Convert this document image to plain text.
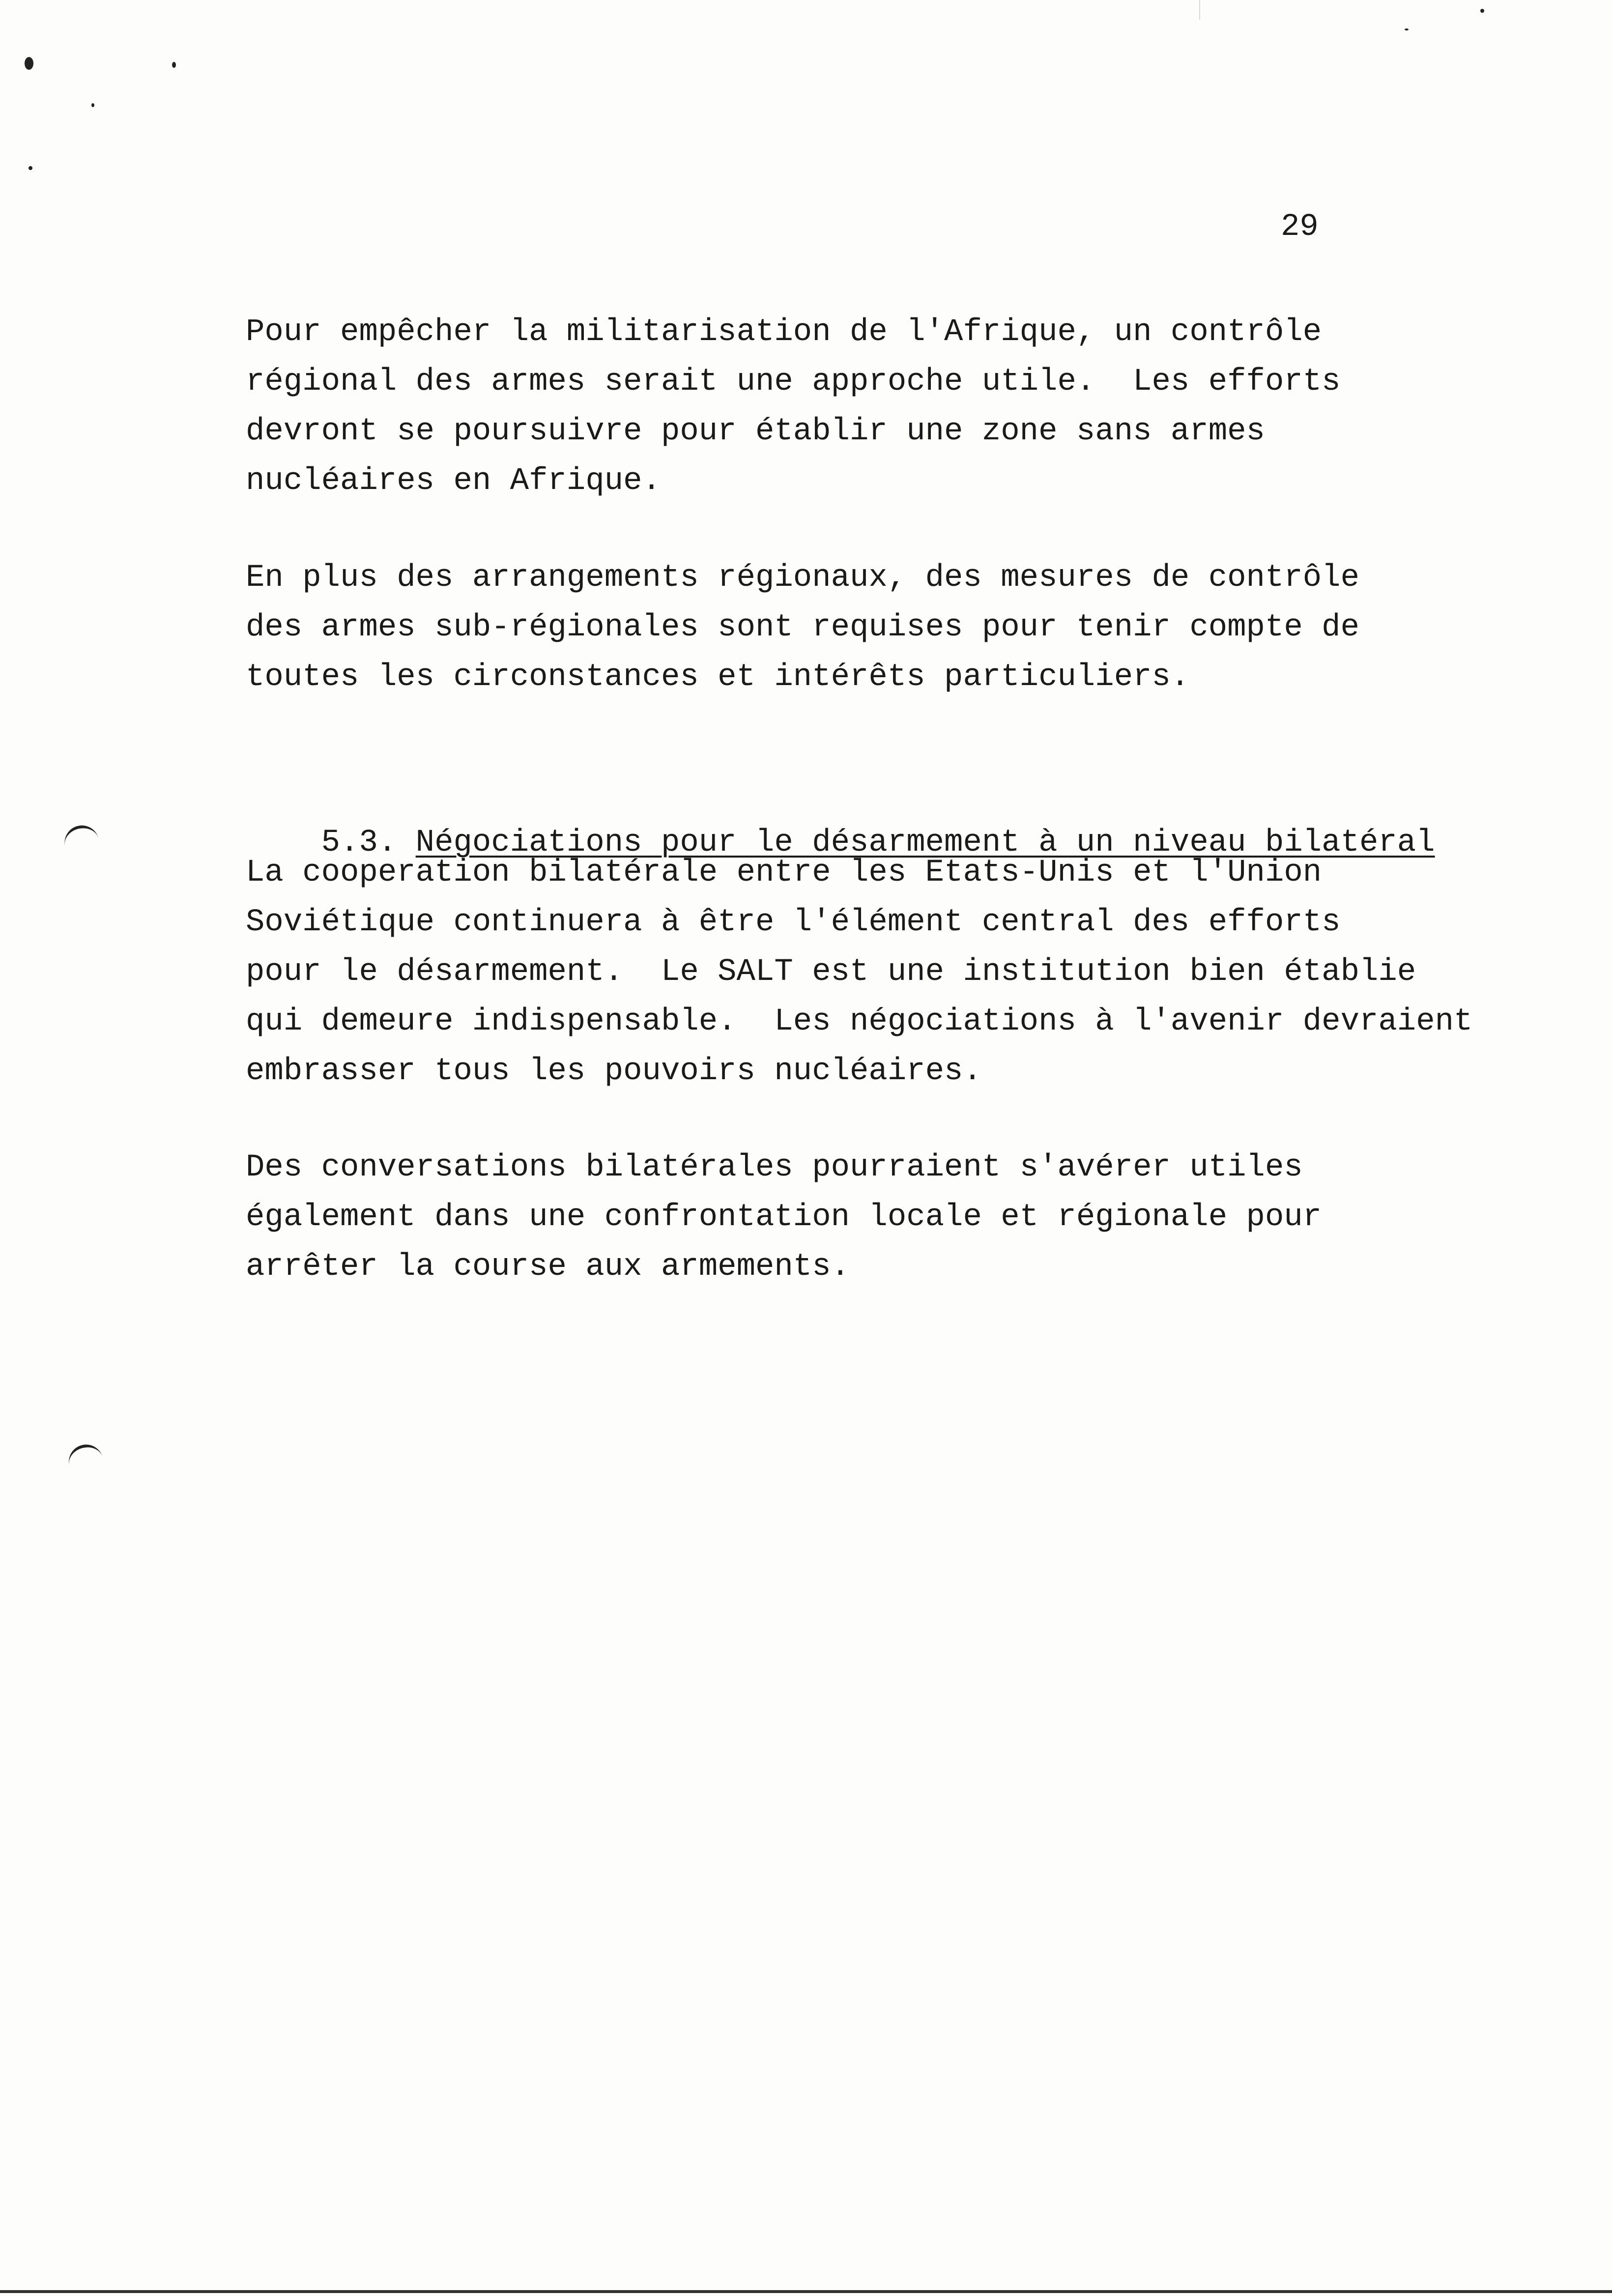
29

Pour empêcher la militarisation de l'Afrique, un contrôle
régional des armes serait une approche utile.  Les efforts
devront se poursuivre pour établir une zone sans armes
nucléaires en Afrique.

En plus des arrangements régionaux, des mesures de contrôle
des armes sub-régionales sont requises pour tenir compte de
toutes les circonstances et intérêts particuliers.

5.3. Négociations pour le désarmement à un niveau bilatéral

La cooperation bilatérale entre les Etats-Unis et l'Union
Soviétique continuera à être l'élément central des efforts
pour le désarmement.  Le SALT est une institution bien établie
qui demeure indispensable.  Les négociations à l'avenir devraient
embrasser tous les pouvoirs nucléaires.

Des conversations bilatérales pourraient s'avérer utiles
également dans une confrontation locale et régionale pour
arrêter la course aux armements.
